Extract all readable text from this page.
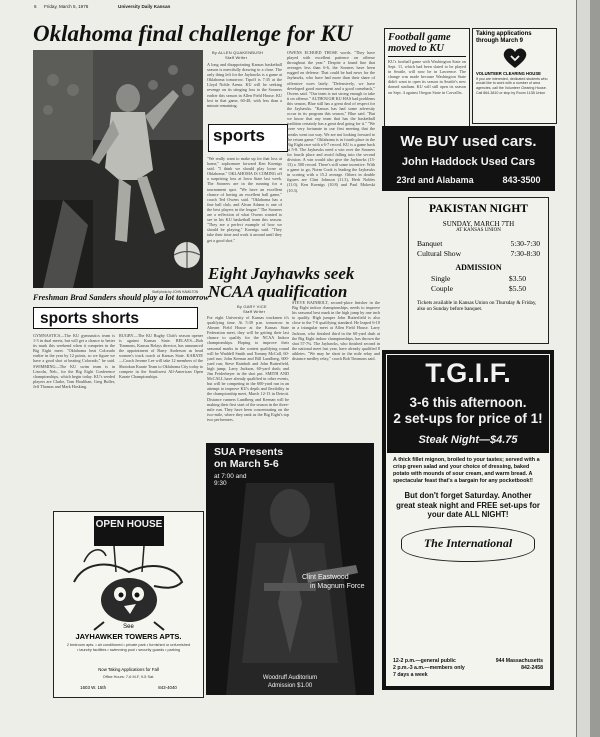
6 Friday, March 5, 1976	University Daily Kansan
Oklahoma final challenge for KU
Staff photo by JOHN HAMILTON
Freshman Brad Sanders should play a lot tomorrow
By ALLEN QUAKENBUSH
Staff Writer
A long and disappointing Kansas basketball season is mercifully drawing to a close. The only thing left for the Jayhawks is a game at Oklahoma tomorrow. Tipoff is 7:35 at the Lloyd Noble Arena. KU will be seeking revenge on its stinging loss to the Sooners earlier this season in Allen Field House. KU lost in that game, 60-48, with less than a minute remaining.
sports
"We really want to make up for that loss at home," sophomore forward Ken Koenigs said. "I think we should play loose at Oklahoma." OKLAHOMA IS COMING off a surprising loss at Iowa State last week. The Sooners are in the running for a tournament spot. "We have an excellent chance of having an excellent ball game," coach Ted Owens said. "Oklahoma has a fine ball club, and Alvan Adams is one of the best players in the league." The Sooners are a reflection of what Owens wanted to see in his KU basketball team this season. "They are a perfect example of how we should be playing," Koenigs said. "They take their time and work it around until they get a good shot."
OWENS ECHOED THOSE words. "They have played with excellent patience on offense throughout the year." Despite a found line that averages less than 6-6, the Sooners have been rugged on defense. That could be bad news for the Jayhawks, who have had more than their share of offensive woes lately. "Defensively, we have developed good movement and a good comeback," Owens said. "Our team is not strong enough to take it on offense." ALTHOUGH KU HAS had problems this season, Blue still has a great deal of respect for the Jayhawks. "Kansas has had some adversity occur in its program this season," Blue said. "But we know that any team that has the basketball tradition certainly has a great deal going for it." "We were very fortunate in our first meeting that the breaks went our way. We are not looking forward to the return game." Oklahoma is in fourth place in the Big Eight race with a 6-7 record. KU is a game back at 5-8. The Jayhawks need a win over the Sooners for fourth place and avoid falling into the second division. A win would also give the Jayhawks (13-13) a .500 record. There's still some incentive. With a game to go, Norm Cook is leading the Jayhawks in scoring with a 15.2 average. Others in double figures are Clint Johnson (11.3), Herb Nobles (11.0), Ken Koenigs (10.8) and Paul Mokeski (10.3).
Football game moved to KU
KU's football game with Washington State on Sept. 11, which had been slated to be played in Seattle, will now be in Lawrence. The change was made because Washington State didn't want to open its season in Seattle's new domed stadium. KU will still open its season on Sept. 4 against Oregon State in Corvallis.
Taking applications through March 9
VOLUNTEER CLEARING HOUSE
If you are interested, dedicated students who would like to work with a number of area agencies, call the Volunteer Clearing House.
Call 864-3810 or stop by Room 113B Union
We BUY used cars.
John Haddock Used Cars
23rd and Alabama	843-3500
PAKISTAN NIGHT
SUNDAY, MARCH 7TH
AT KANSAS UNION
Banquet	5:30-7:30
Cultural Show	7:30-8:30
ADMISSION
Single	$3.50
Couple	$5.50
Tickets available in Kansas Union on Thursday & Friday, also on Sunday before banquet.
sports shorts
GYMNASTICS—The KU gymnastics team is 1-3 in dual meets, but will get a chance to better its mark this weekend when it competes in the Big Eight meet. "Oklahoma beat Colorado earlier in the year by 12 points, so we figure we have a good shot at beating Colorado," he said. SWIMMING—The KU swim team is in Lincoln, Neb., for the Big Eight Conference championships, which begin today. KU's seeded players are Clarke, Tom Houlihan, Greg Buller, Jeff Thomas and Mark Hosking.
RUGBY—The KU Rugby Club's season opener is against Kansas State. RELAYS—Bob Timmons, Kansas Relays director, has announced the appointment of Barry Anderson as head women's track coach at Kansas State. KARATE—Coach Jerome Lee will take 12 members of the Shotokan Karate Team to Oklahoma City today to compete in the Southwest All-American Open Karate Championships.
Eight Jayhawks seek
NCAA qualification
By GARY VICE
Staff Writer
For eight University of Kansas trackmen it's qualifying time. At 5:30 p.m. tomorrow in Ahearn Field House at the Kansas State Federation meet, they will be getting their last chance to qualify for the NCAA Indoor championships. Hoping to improve their seasonal marks in the contest qualifying round will be Waddell Smith and Tommy McCall, 60-yard run; John Keenan and Bill Lundberg, 600-yard run; Steve Rainbolt and John Butterfield, high jump; Larry Jackson, 60-yard dash; and Jim Feiderbeyer in the shot put. SMITH AND McCALL have already qualified in other events, but will be competing in the 600-yard run in an attempt to improve KU's depth and flexibility in the championship meet, March 12-13 in Detroit. Distance runners Lundberg and Keenan will be making their first start of the season in the three-mile run. They have been concentrating on the two-mile, where they rank as the Big Eight's top two performers.
STEVE RAINBOLT, second-place finisher in the Big Eight indoor championships, needs to improve his seasonal best mark in the high jump by one inch to qualify. High jumper John Butterfield is also close to the 7-0 qualifying standard. He leaped 6-10 in a triangular meet at Allen Field House. Larry Jackson, who finished third in the 60-yard dash at the Big Eight indoor championships, has thrown the shot 57-7¾. The Jayhawks, who finished second in the national meet last year, have already qualified 8 athletes. "We may be short in the mile relay and distance medley relay," coach Bob Timmons said.
SUA Presents on March 5-6
at 7:00 and 9:30
Clint Eastwood
in Magnum Force
Woodruff Auditorium
Admission $1.00
OPEN HOUSE
See
JAYHAWKER TOWERS APTS.
2 bedroom apts. • air conditioned • private park • furnished or unfurnished • laundry facilities • swimming pool • security guards • parking
Now Taking Applications for Fall
Office Hours: 7-6 M-F, 9-5 Sat.
1603 W. 15th	843-4040
T.G.I.F.
3-6 this afternoon.
2 set-ups for price of 1!
Steak Night—$4.75
A thick fillet mignon, broiled to your tastes; served with a crisp green salad and your choice of dressing, baked potato with mounds of sour cream, and warm bread. A spectacular feast that's a bargain for any pocketbook!!
But don't forget Saturday. Another great steak night and FREE set-ups for your date ALL NIGHT!
The International
12-2 p.m.—general public	944 Massachusetts
2 p.m.-3 a.m.—members only	842-2458
7 days a week
